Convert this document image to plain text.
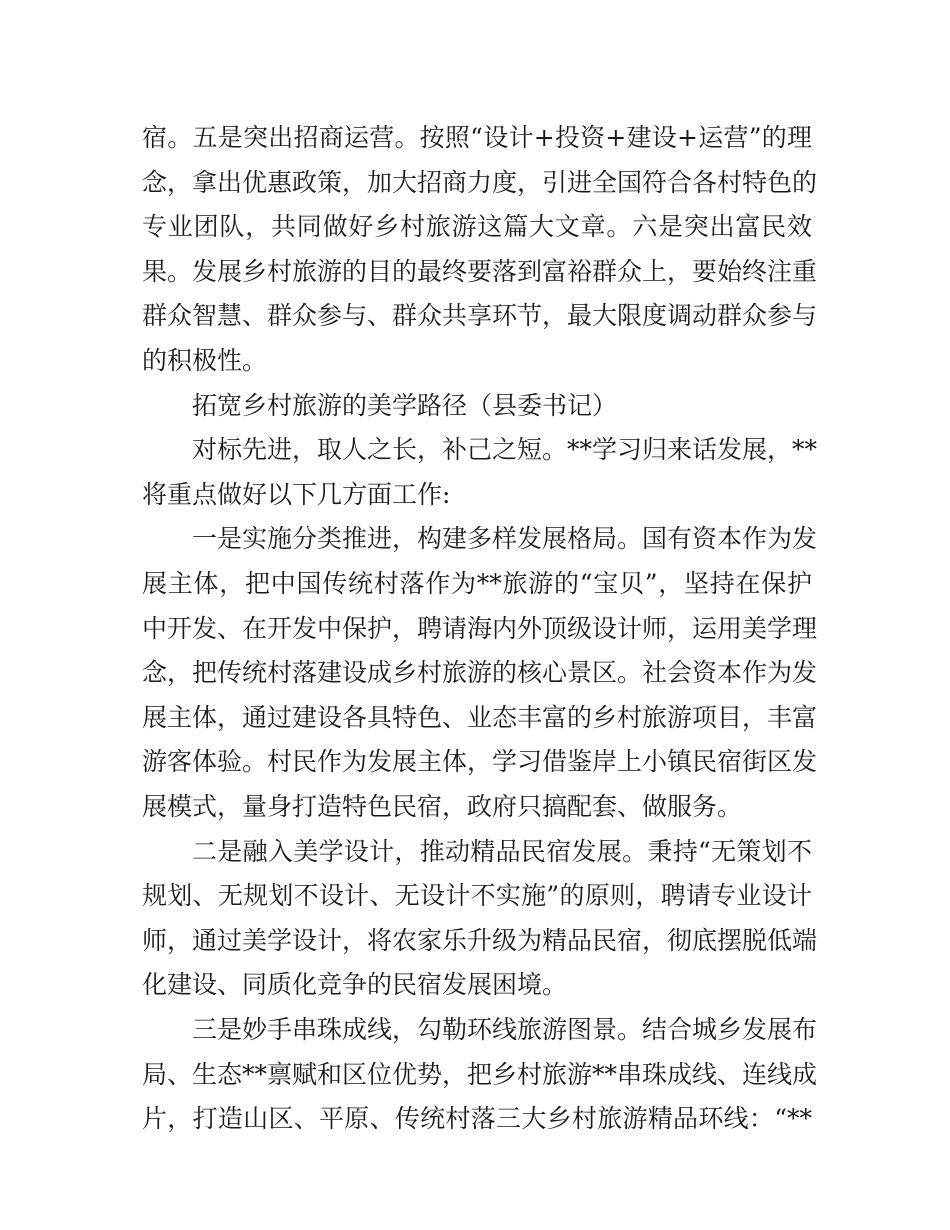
宿。五是突出招商运营。按照“设计+投资+建设+运营”的理
念，拿出优惠政策，加大招商力度，引进全国符合各村特色的
专业团队，共同做好乡村旅游这篇大文章。六是突出富民效
果。发展乡村旅游的目的最终要落到富裕群众上，要始终注重
群众智慧、群众参与、群众共享环节，最大限度调动群众参与
的积极性。
拓宽乡村旅游的美学路径（县委书记）
对标先进，取人之长，补己之短。**学习归来话发展，**
将重点做好以下几方面工作:
一是实施分类推进，构建多样发展格局。国有资本作为发
展主体，把中国传统村落作为**旅游的“宝贝”，坚持在保护
中开发、在开发中保护，聘请海内外顶级设计师，运用美学理
念，把传统村落建设成乡村旅游的核心景区。社会资本作为发
展主体，通过建设各具特色、业态丰富的乡村旅游项目，丰富
游客体验。村民作为发展主体，学习借鉴岸上小镇民宿街区发
展模式，量身打造特色民宿，政府只搞配套、做服务。
二是融入美学设计，推动精品民宿发展。秉持“无策划不
规划、无规划不设计、无设计不实施”的原则，聘请专业设计
师，通过美学设计，将农家乐升级为精品民宿，彻底摆脱低端
化建设、同质化竞争的民宿发展困境。
三是妙手串珠成线，勾勒环线旅游图景。结合城乡发展布
局、生态**禀赋和区位优势，把乡村旅游**串珠成线、连线成
片，打造山区、平原、传统村落三大乡村旅游精品环线：“**
